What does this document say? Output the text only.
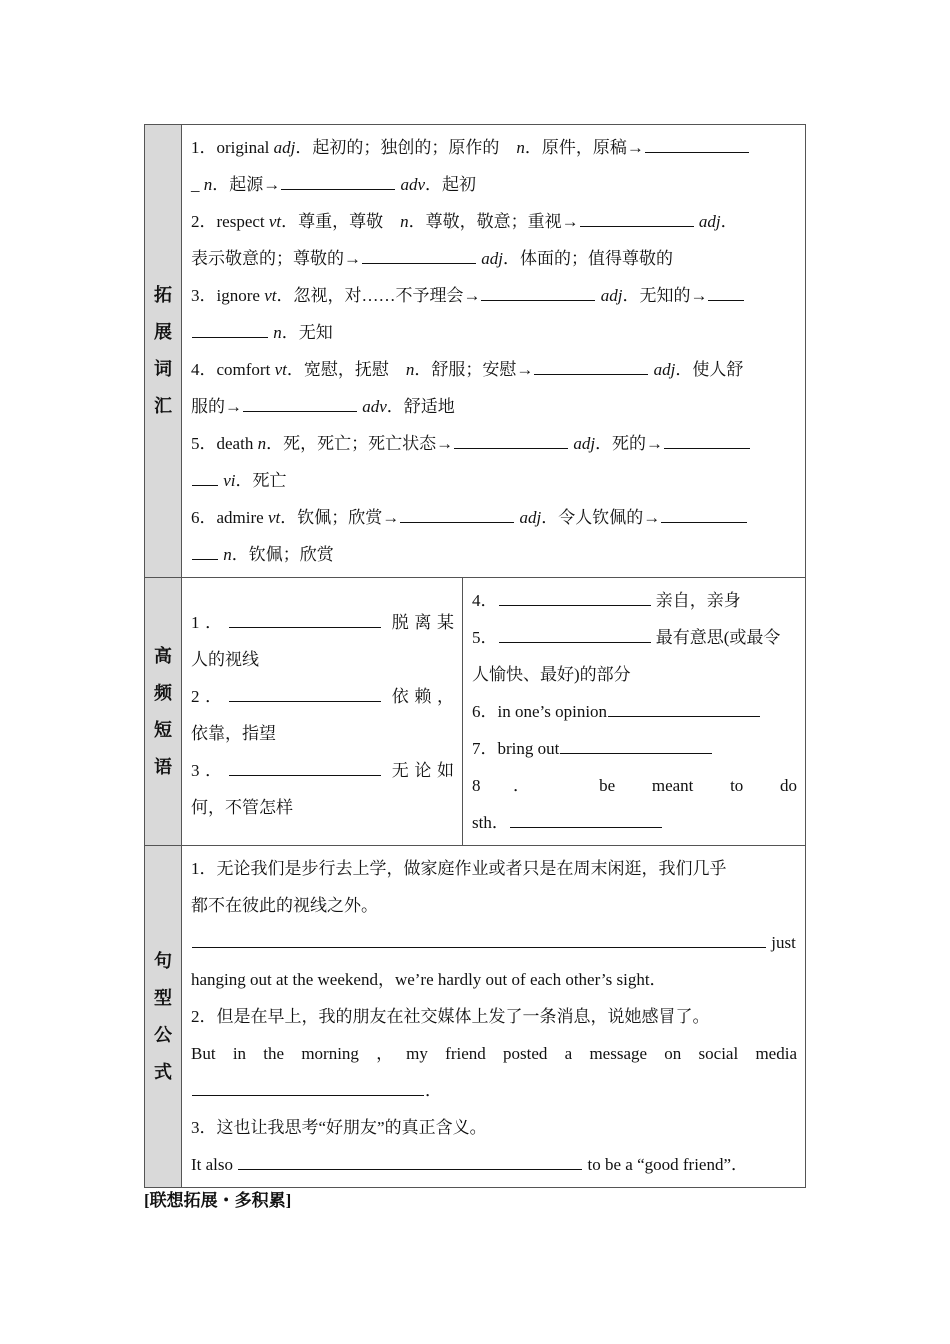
拓
展
词
汇
1．original adj．起初的；独创的；原作的　n．原件，原稿→
_ n．起源→	adv．起初
2．respect vt．尊重，尊敬　n．尊敬，敬意；重视→	adj．
表示敬意的；尊敬的→	adj．体面的；值得尊敬的
3．ignore vt．忽视，对……不予理会→	adj．无知的→
n．无知
4．comfort vt．宽慰，抚慰　n．舒服；安慰→	adj．使人舒
服的→	adv．舒适地
5．death n．死，死亡；死亡状态→	adj．死的→
vi．死亡
6．admire vt．钦佩；欣赏→	adj．令人钦佩的→
n．钦佩；欣赏
高
频
短
语
1．	脱离某
人的视线
2．	依赖，
依靠，指望
3．	无论如
何，不管怎样
4．	亲自，亲身
5．	最有意思(或最令
人愉快、最好)的部分
6．in one’s opinion
7．bring out
8． be meant to do
sth．
句
型
公
式
1．无论我们是步行去上学，做家庭作业或者只是在周末闲逛，我们几乎
都不在彼此的视线之外。
just
hanging out at the weekend，we’re hardly out of each other’s sight．
2．但是在早上，我的朋友在社交媒体上发了一条消息，说她感冒了。
But in the morning ，my friend posted a message on social media
．
3．这也让我思考“好朋友”的真正含义。
It also	to be a “good friend”．
[联想拓展・多积累]
